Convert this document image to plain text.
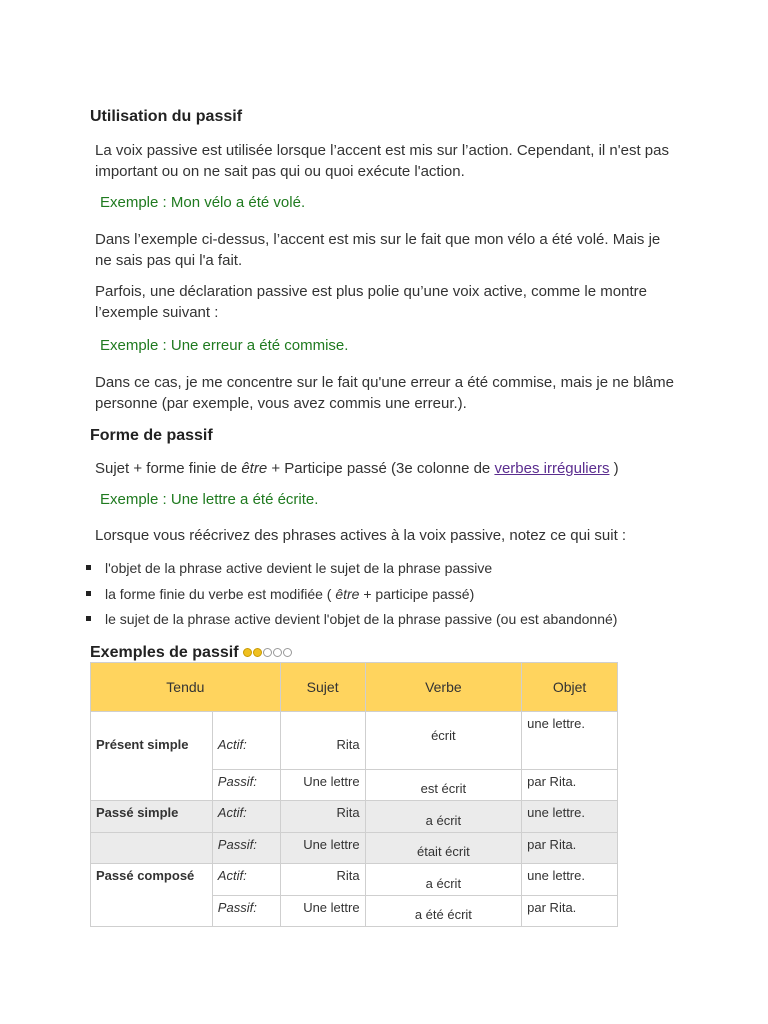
Utilisation du passif
La voix passive est utilisée lorsque l’accent est mis sur l’action. Cependant, il n'est pas
important ou on ne sait pas qui ou quoi exécute l'action.
Exemple : Mon vélo a été volé.
Dans l’exemple ci-dessus, l’accent est mis sur le fait que mon vélo a été volé. Mais je
ne sais pas qui l'a fait.
Parfois, une déclaration passive est plus polie qu’une voix active, comme le montre
l’exemple suivant :
Exemple : Une erreur a été commise.
Dans ce cas, je me concentre sur le fait qu'une erreur a été commise, mais je ne blâme
personne (par exemple, vous avez commis une erreur.).
Forme de passif
Sujet + forme finie de être + Participe passé (3e colonne de verbes irréguliers )
Exemple : Une lettre a été écrite.
Lorsque vous réécrivez des phrases actives à la voix passive, notez ce qui suit :
l'objet de la phrase active devient le sujet de la phrase passive
la forme finie du verbe est modifiée ( être + participe passé)
le sujet de la phrase active devient l'objet de la phrase passive (ou est abandonné)
Exemples de passif
Tendu		Sujet	Verbe	Objet
Présent simple	Actif:	Rita	écrit	une lettre.
	Passif:	Une lettre	est écrit	par Rita.
Passé simple	Actif:	Rita	a écrit	une lettre.
	Passif:	Une lettre	était écrit	par Rita.
Passé composé	Actif:	Rita	a écrit	une lettre.
	Passif:	Une lettre	a été écrit	par Rita.
